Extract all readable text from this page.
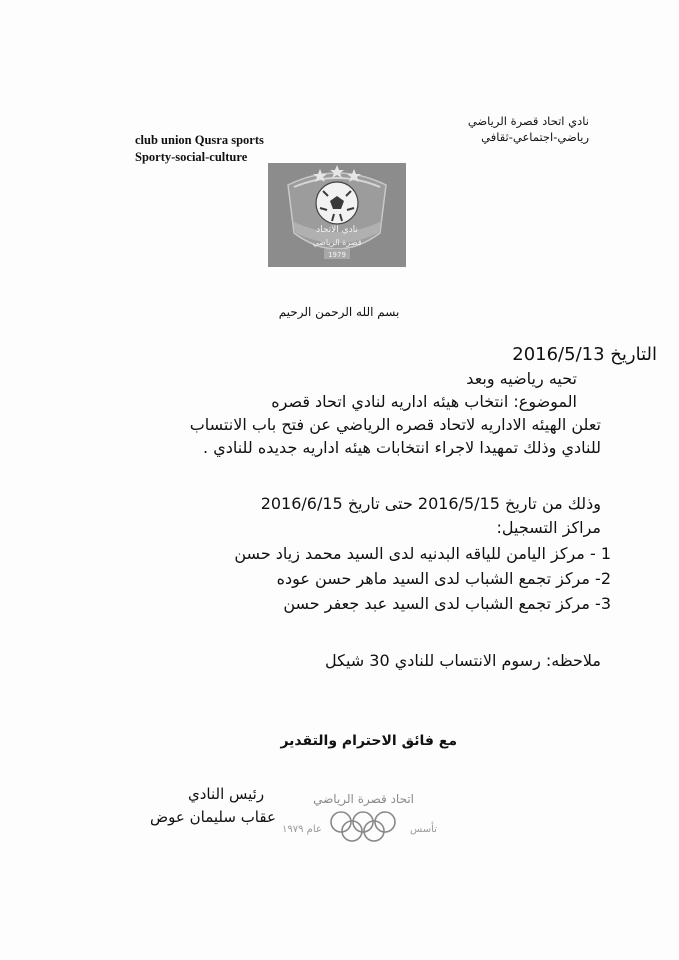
نادي اتحاد قصرة الرياضي
رياضي-اجتماعي-ثقافي
club union Qusra sports
Sporty-social-culture
نادي الاتحاد
قصرة الرياضي
1979
بسم الله الرحمن الرحيم
التاريخ 2016/5/13
تحيه رياضيه وبعد
الموضوع: انتخاب هيئه اداريه لنادي اتحاد قصره
تعلن الهيئه الاداريه لاتحاد قصره الرياضي عن فتح باب الانتساب
للنادي وذلك تمهيدا لاجراء انتخابات هيئه اداريه جديده للنادي .
وذلك من تاريخ 2016/5/15 حتى تاريخ 2016/6/15
مراكز التسجيل:
1 - مركز اليامن للياقه البدنيه لدى السيد محمد زياد حسن
2- مركز تجمع الشباب لدى السيد ماهر حسن عوده
3- مركز تجمع الشباب لدى السيد عبد جعفر حسن
ملاحظه: رسوم الانتساب للنادي 30 شيكل
مع فائق الاحترام والتقدير
اتحاد قصرة الرياضي
عام ١٩٧٩	تأسس
رئيس النادي
عقاب سليمان عوض
